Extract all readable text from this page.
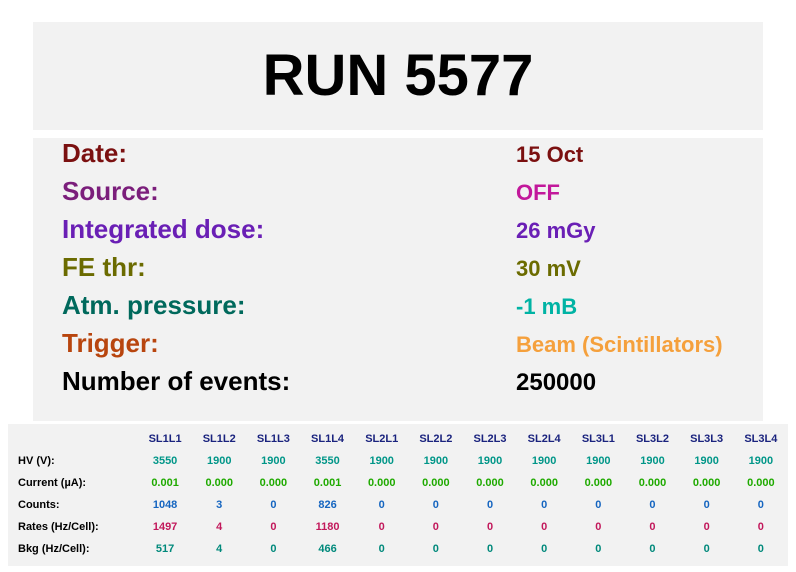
RUN 5577
Date:	15 Oct
Source:	OFF
Integrated dose:	26 mGy
FE thr:	30 mV
Atm. pressure:	-1 mB
Trigger:	Beam (Scintillators)
Number of events:	250000
	SL1L1	SL1L2	SL1L3	SL1L4	SL2L1	SL2L2	SL2L3	SL2L4	SL3L1	SL3L2	SL3L3	SL3L4
HV (V):	3550	1900	1900	3550	1900	1900	1900	1900	1900	1900	1900	1900
Current (µA):	0.001	0.000	0.000	0.001	0.000	0.000	0.000	0.000	0.000	0.000	0.000	0.000
Counts:	1048	3	0	826	0	0	0	0	0	0	0	0
Rates (Hz/Cell):	1497	4	0	1180	0	0	0	0	0	0	0	0
Bkg (Hz/Cell):	517	4	0	466	0	0	0	0	0	0	0	0
